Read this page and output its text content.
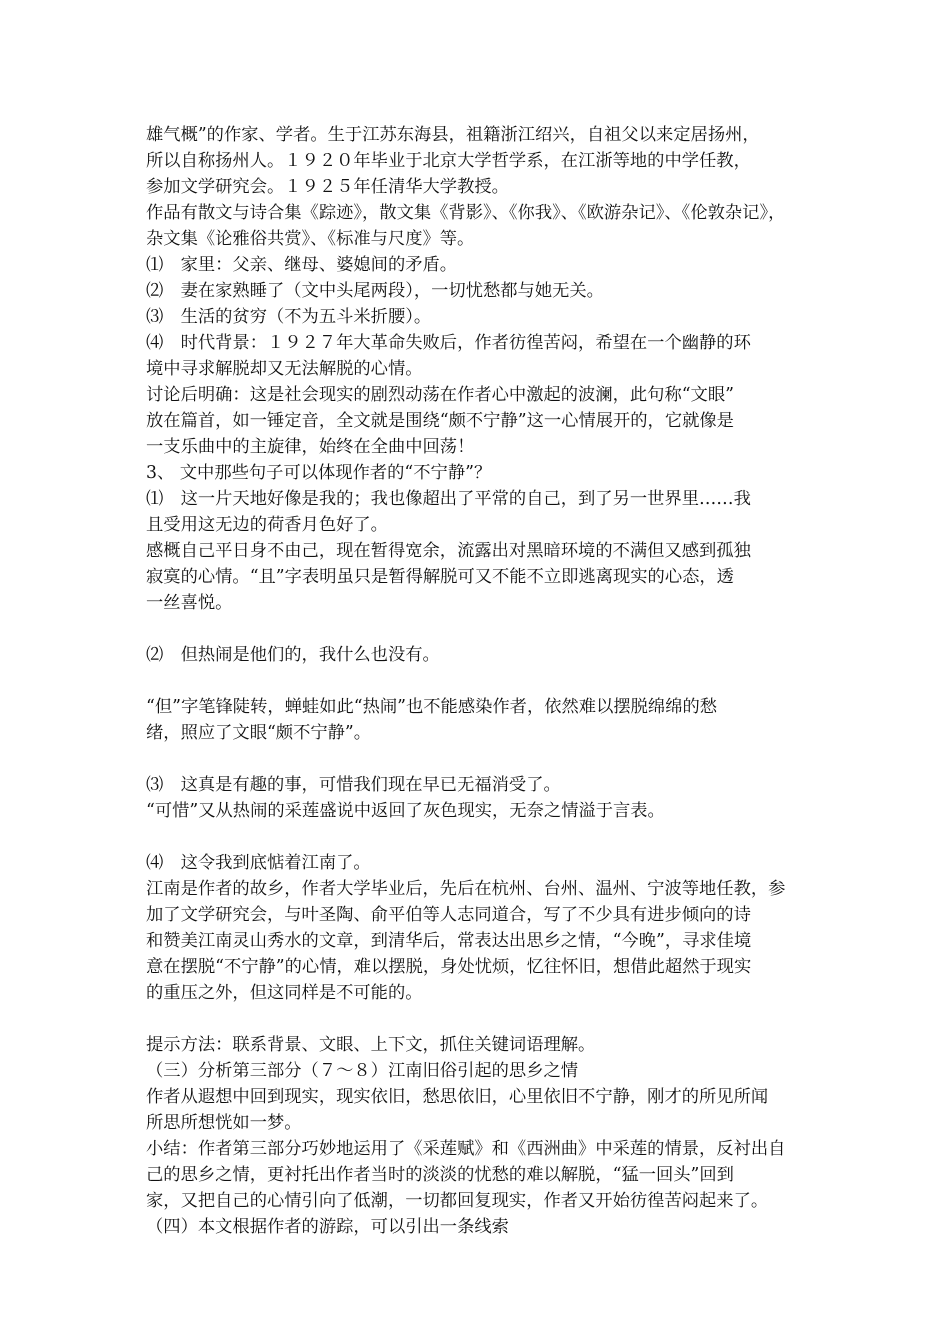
雄气概”的作家、学者。生于江苏东海县，祖籍浙江绍兴，自祖父以来定居扬州，
所以自称扬州人。１９２０年毕业于北京大学哲学系，在江浙等地的中学任教，
参加文学研究会。１９２５年任清华大学教授。
作品有散文与诗合集《踪迹》，散文集《背影》、《你我》、《欧游杂记》、《伦敦杂记》，
杂文集《论雅俗共赏》、《标准与尺度》等。
⑴　家里：父亲、继母、婆媳间的矛盾。
⑵　妻在家熟睡了（文中头尾两段），一切忧愁都与她无关。
⑶　生活的贫穷（不为五斗米折腰）。
⑷　时代背景：１９２７年大革命失败后，作者彷徨苦闷，希望在一个幽静的环
境中寻求解脱却又无法解脱的心情。
讨论后明确：这是社会现实的剧烈动荡在作者心中激起的波澜，此句称“文眼”
放在篇首，如一锤定音，全文就是围绕“颇不宁静”这一心情展开的，它就像是
一支乐曲中的主旋律，始终在全曲中回荡！
3、 文中那些句子可以体现作者的“不宁静”？
⑴　这一片天地好像是我的；我也像超出了平常的自己，到了另一世界里……我
且受用这无边的荷香月色好了。
感概自己平日身不由己，现在暂得宽余，流露出对黑暗环境的不满但又感到孤独
寂寞的心情。“且”字表明虽只是暂得解脱可又不能不立即逃离现实的心态，透
一丝喜悦。
⑵　但热闹是他们的，我什么也没有。
“但”字笔锋陡转，蝉蛙如此“热闹”也不能感染作者，依然难以摆脱绵绵的愁
绪，照应了文眼“颇不宁静”。
⑶　这真是有趣的事，可惜我们现在早已无福消受了。
“可惜”又从热闹的采莲盛说中返回了灰色现实，无奈之情溢于言表。
⑷　这令我到底惦着江南了。
江南是作者的故乡，作者大学毕业后，先后在杭州、台州、温州、宁波等地任教，参
加了文学研究会，与叶圣陶、俞平伯等人志同道合，写了不少具有进步倾向的诗
和赞美江南灵山秀水的文章，到清华后，常表达出思乡之情，“今晚”，寻求佳境
意在摆脱“不宁静”的心情，难以摆脱，身处忧烦，忆往怀旧，想借此超然于现实
的重压之外，但这同样是不可能的。
提示方法：联系背景、文眼、上下文，抓住关键词语理解。
（三）分析第三部分（７～８）江南旧俗引起的思乡之情
作者从遐想中回到现实，现实依旧，愁思依旧，心里依旧不宁静，刚才的所见所闻
所思所想恍如一梦。
小结：作者第三部分巧妙地运用了《采莲赋》和《西洲曲》中采莲的情景，反衬出自
己的思乡之情，更衬托出作者当时的淡淡的忧愁的难以解脱，“猛一回头”回到
家，又把自己的心情引向了低潮，一切都回复现实，作者又开始彷徨苦闷起来了。
（四）本文根据作者的游踪，可以引出一条线索
